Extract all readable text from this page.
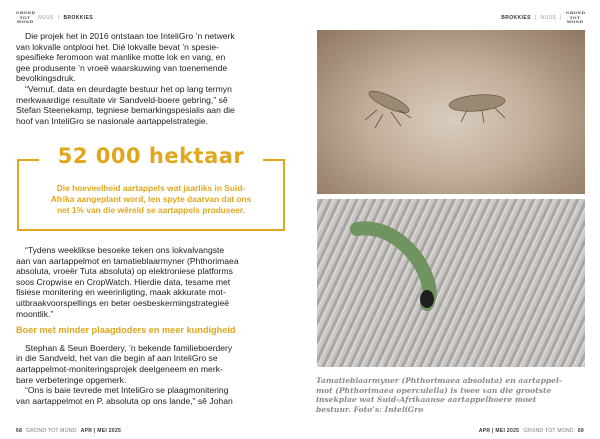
GROND TOT MOND
NUUS | BROKKIES	BROKKIES | NUUS |
GROND TOT MOND
Die projek het in 2016 ontstaan toe InteliGro ’n netwerk
van lokvalle ontplooi het. Dié lokvalle bevat ’n spesie-
spesifieke feromoon wat manlike motte lok en vang, en
gee produsente ’n vroeë waarskuwing van toenemende
bevolkingsdruk.
“Vernuf, data en deurdagte bestuur het op lang termyn
merkwaardige resultate vir Sandveld-boere gebring,” sê
Stefan Steenekamp, tegniese bemarkingspesialis aan die
hoof van InteliGro se nasionale aartappelstrategie.
52 000 hektaar
Die hoeveelheid aartappels wat jaarliks in Suid-
Afrika aangeplant word, ten spyte daarvan dat ons
net 1% van die wêreld se aartappels produseer.
“Tydens weeklikse besoeke teken ons lokvalvangste
aan van aartappelmot en tamatieblaarmyner (Phthorimaea
absoluta, vroeër Tuta absoluta) op elektroniese platforms
soos Cropwise en CropWatch. Hierdie data, tesame met
fisiese monitering en weerinligting, maak akkurate mot-
uitbraakvoorspellings en beter oesbeskermingstrategieë
moontlik.”
Boer met minder plaagdoders en meer kundigheid
Stephan & Seun Boerdery, ’n bekende familieboerdery
in die Sandveld, het van die begin af aan InteliGro se
aartappelmot-moniteringsprojek deelgeneem en merk-
bare verbeteringe opgemerk.
“Ons is baie tevrede met InteliGro se plaagmonitering
van aartappelmot en P. absoluta op ons lande,” sê Johan
Tamatieblaarmyner (Phthorimaea absoluta) en aartappel-
mot (Phthorimaea operculella) is twee van die grootste
insekplae wat Suid-Afrikaanse aartappelboere moet
bestuur. Foto’s: InteliGro
68 GROND TOT MOND APR | MEI 2025	APR | MEI 2025 GROND TOT MOND 69
